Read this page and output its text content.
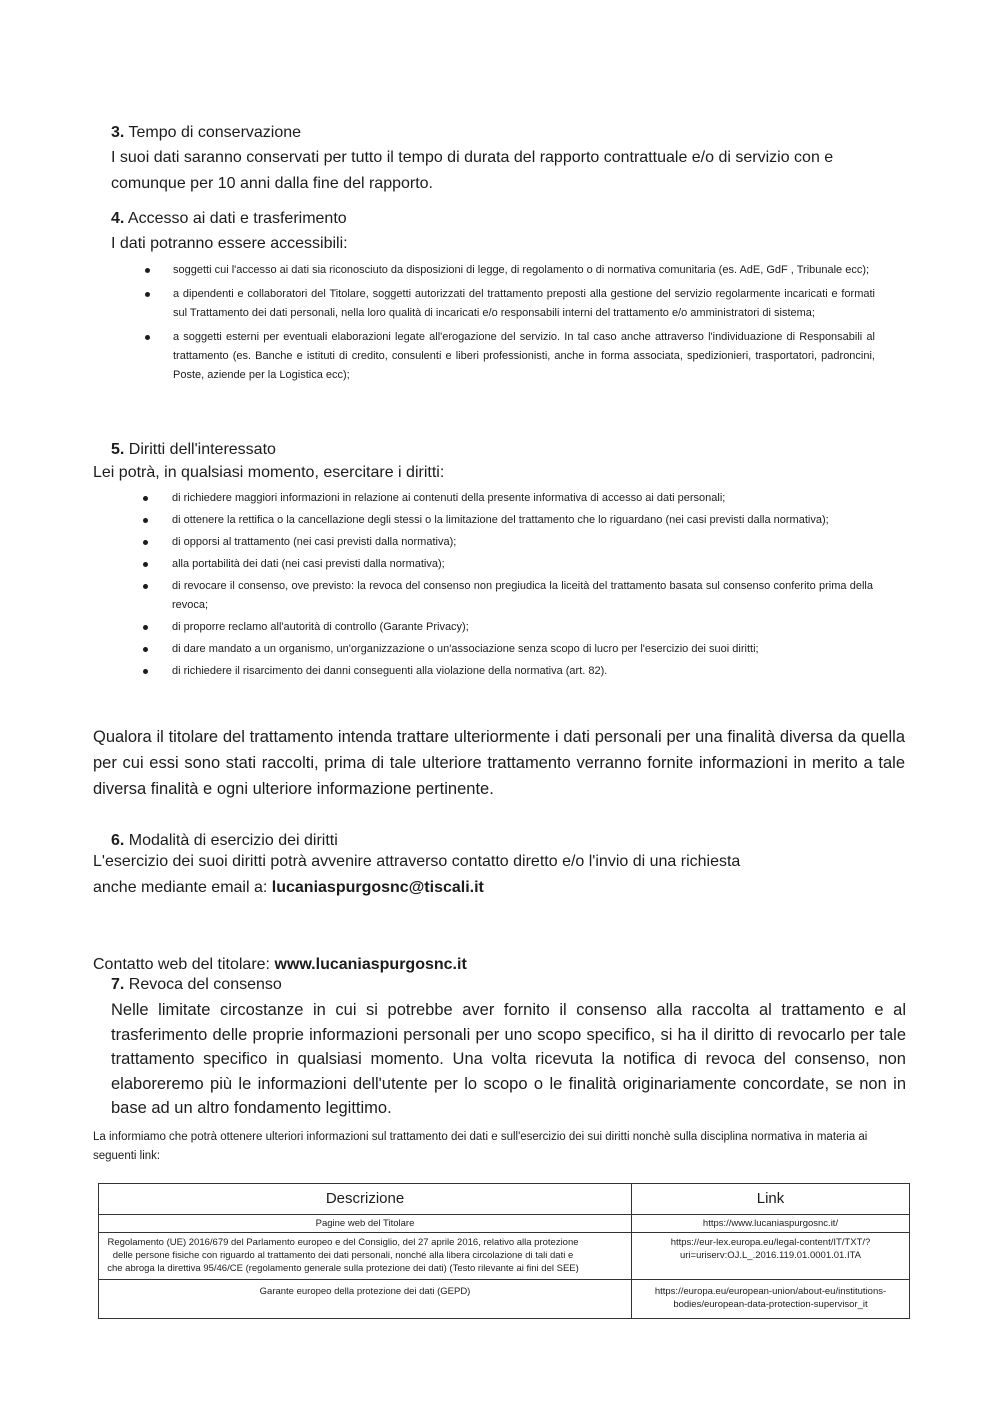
3. Tempo di conservazione

I suoi dati saranno conservati per tutto il tempo di durata del rapporto contrattuale e/o di servizio con e comunque per 10 anni dalla fine del rapporto.

4. Accesso ai dati e trasferimento

I dati potranno essere accessibili:

soggetti cui l'accesso ai dati sia riconosciuto da disposizioni di legge, di regolamento o di normativa comunitaria (es. AdE, GdF , Tribunale ecc);
a dipendenti e collaboratori del Titolare, soggetti autorizzati del trattamento preposti alla gestione del servizio regolarmente incaricati e formati sul Trattamento dei dati personali, nella loro qualità di incaricati e/o responsabili interni del trattamento e/o amministratori di sistema;
a soggetti esterni per eventuali elaborazioni legate all'erogazione del servizio. In tal caso anche attraverso l'individuazione di Responsabili al trattamento (es. Banche e istituti di credito, consulenti e liberi professionisti, anche in forma associata, spedizionieri, trasportatori, padroncini, Poste, aziende per la Logistica ecc);
5. Diritti dell'interessato

Lei potrà, in qualsiasi momento, esercitare i diritti:

di richiedere maggiori informazioni in relazione ai contenuti della presente informativa di accesso ai dati personali;
di ottenere la rettifica o la cancellazione degli stessi o la limitazione del trattamento che lo riguardano (nei casi previsti dalla normativa);
di opporsi al trattamento (nei casi previsti dalla normativa);
alla portabilità dei dati (nei casi previsti dalla normativa);
di revocare il consenso, ove previsto: la revoca del consenso non pregiudica la liceità del trattamento basata sul consenso conferito prima della revoca;
di proporre reclamo all'autorità di controllo (Garante Privacy);
di dare mandato a un organismo, un'organizzazione o un'associazione senza scopo di lucro per l'esercizio dei suoi diritti;
di richiedere il risarcimento dei danni conseguenti alla violazione della normativa (art. 82).

Qualora il titolare del trattamento intenda trattare ulteriormente i dati personali per una finalità diversa da quella per cui essi sono stati raccolti, prima di tale ulteriore trattamento verranno fornite informazioni in merito a tale diversa finalità e ogni ulteriore informazione pertinente.

6. Modalità di esercizio dei diritti

L'esercizio dei suoi diritti potrà avvenire attraverso contatto diretto e/o l'invio di una richiesta
anche mediante email a: lucaniaspurgosnc@tiscali.it

Contatto web del titolare: www.lucaniaspurgosnc.it

7. Revoca del consenso

Nelle limitate circostanze in cui si potrebbe aver fornito il consenso alla raccolta al trattamento e al trasferimento delle proprie informazioni personali per uno scopo specifico, si ha il diritto di revocarlo per tale trattamento specifico in qualsiasi momento. Una volta ricevuta la notifica di revoca del consenso, non elaboreremo più le informazioni dell'utente per lo scopo o le finalità originariamente concordate, se non in base ad un altro fondamento legittimo.

La informiamo che potrà ottenere ulteriori informazioni sul trattamento dei dati e sull'esercizio dei sui diritti nonchè sulla disciplina normativa in materia ai seguenti link:

Descrizione	Link
Pagine web del Titolare	https://www.lucaniaspurgosnc.it/
Regolamento (UE) 2016/679 del Parlamento europeo e del Consiglio, del 27 aprile 2016, relativo alla protezione delle persone fisiche con riguardo al trattamento dei dati personali, nonché alla libera circolazione di tali dati e che abroga la direttiva 95/46/CE (regolamento generale sulla protezione dei dati) (Testo rilevante ai fini del SEE)	https://eur-lex.europa.eu/legal-content/IT/TXT/?uri=uriserv:OJ.L_.2016.119.01.0001.01.ITA
Garante europeo della protezione dei dati (GEPD)	https://europa.eu/european-union/about-eu/institutions-bodies/european-data-protection-supervisor_it
